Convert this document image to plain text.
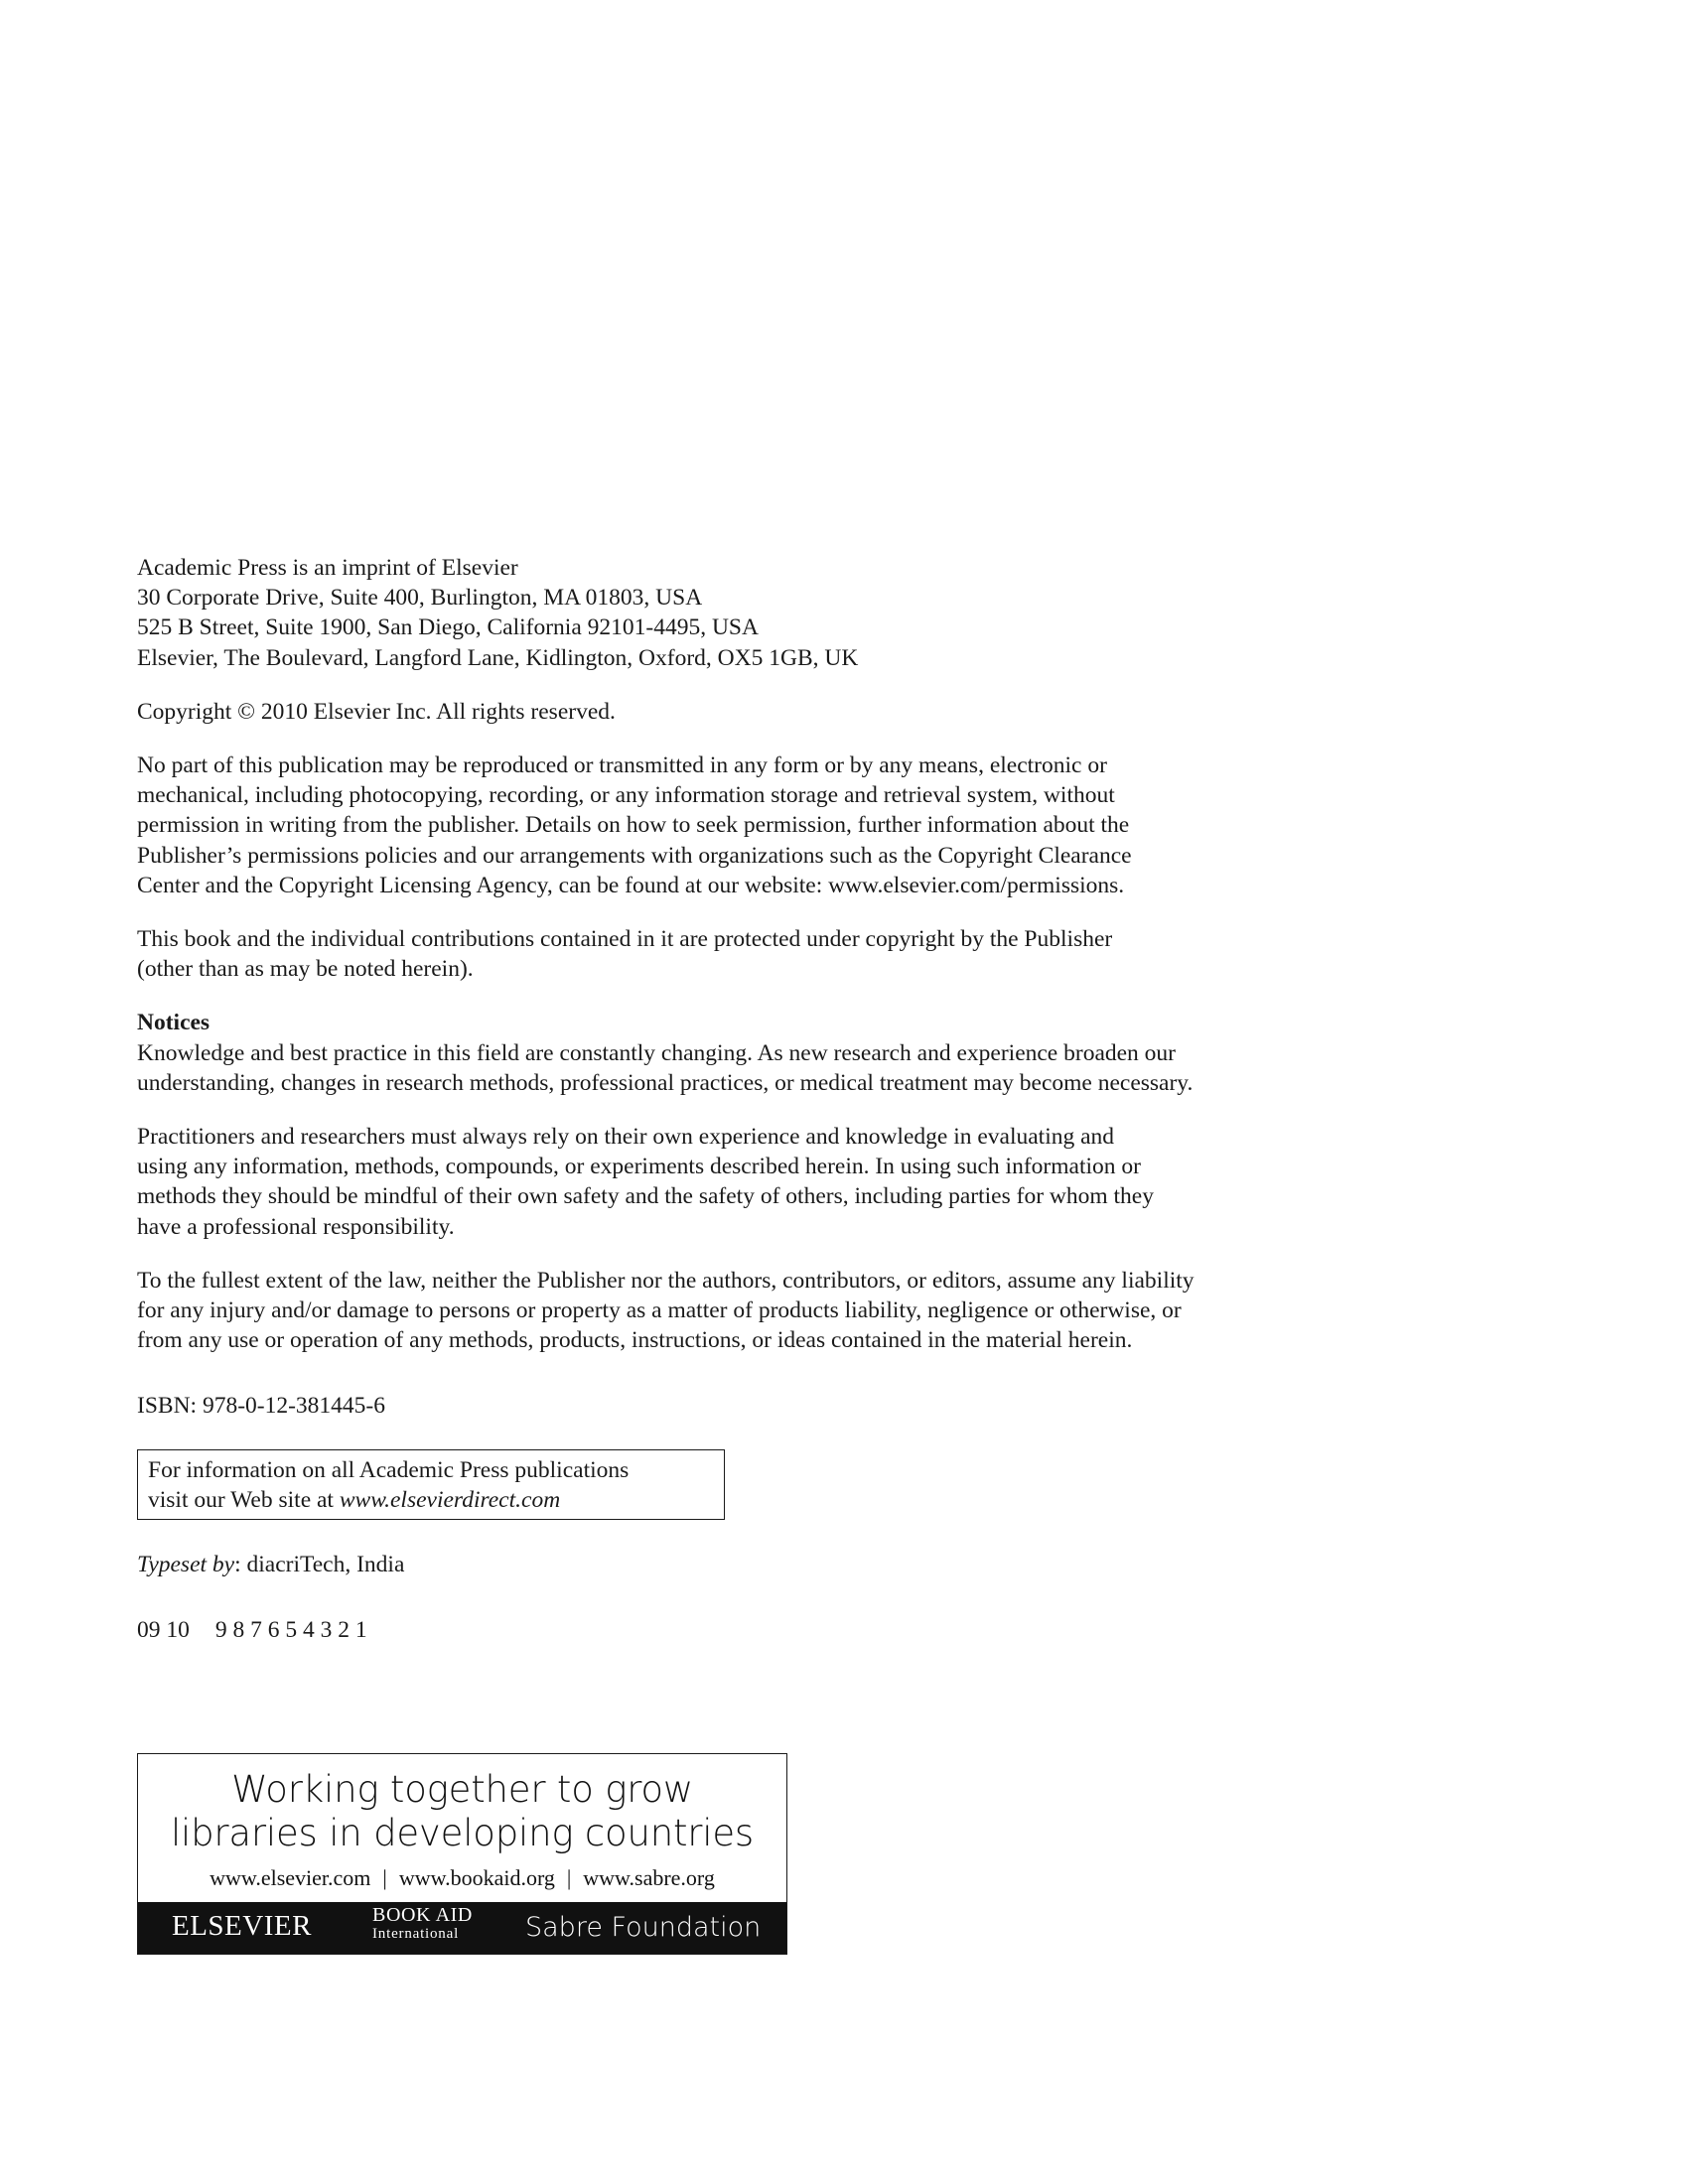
Academic Press is an imprint of Elsevier
30 Corporate Drive, Suite 400, Burlington, MA 01803, USA
525 B Street, Suite 1900, San Diego, California 92101-4495, USA
Elsevier, The Boulevard, Langford Lane, Kidlington, Oxford, OX5 1GB, UK

Copyright © 2010 Elsevier Inc. All rights reserved.

No part of this publication may be reproduced or transmitted in any form or by any means, electronic or
mechanical, including photocopying, recording, or any information storage and retrieval system, without
permission in writing from the publisher. Details on how to seek permission, further information about the
Publisher’s permissions policies and our arrangements with organizations such as the Copyright Clearance
Center and the Copyright Licensing Agency, can be found at our website: www.elsevier.com/permissions.

This book and the individual contributions contained in it are protected under copyright by the Publisher
(other than as may be noted herein).

Notices
Knowledge and best practice in this field are constantly changing. As new research and experience broaden our
understanding, changes in research methods, professional practices, or medical treatment may become necessary.

Practitioners and researchers must always rely on their own experience and knowledge in evaluating and
using any information, methods, compounds, or experiments described herein. In using such information or
methods they should be mindful of their own safety and the safety of others, including parties for whom they
have a professional responsibility.

To the fullest extent of the law, neither the Publisher nor the authors, contributors, or editors, assume any liability
for any injury and/or damage to persons or property as a matter of products liability, negligence or otherwise, or
from any use or operation of any methods, products, instructions, or ideas contained in the material herein.

ISBN: 978-0-12-381445-6

For information on all Academic Press publications
visit our Web site at www.elsevierdirect.com

Typeset by: diacriTech, India

09 10 9 8 7 6 5 4 3 2 1

Working together to grow
libraries in developing countries
www.elsevier.com | www.bookaid.org | www.sabre.org
ELSEVIER	BOOK AID
International	Sabre Foundation
